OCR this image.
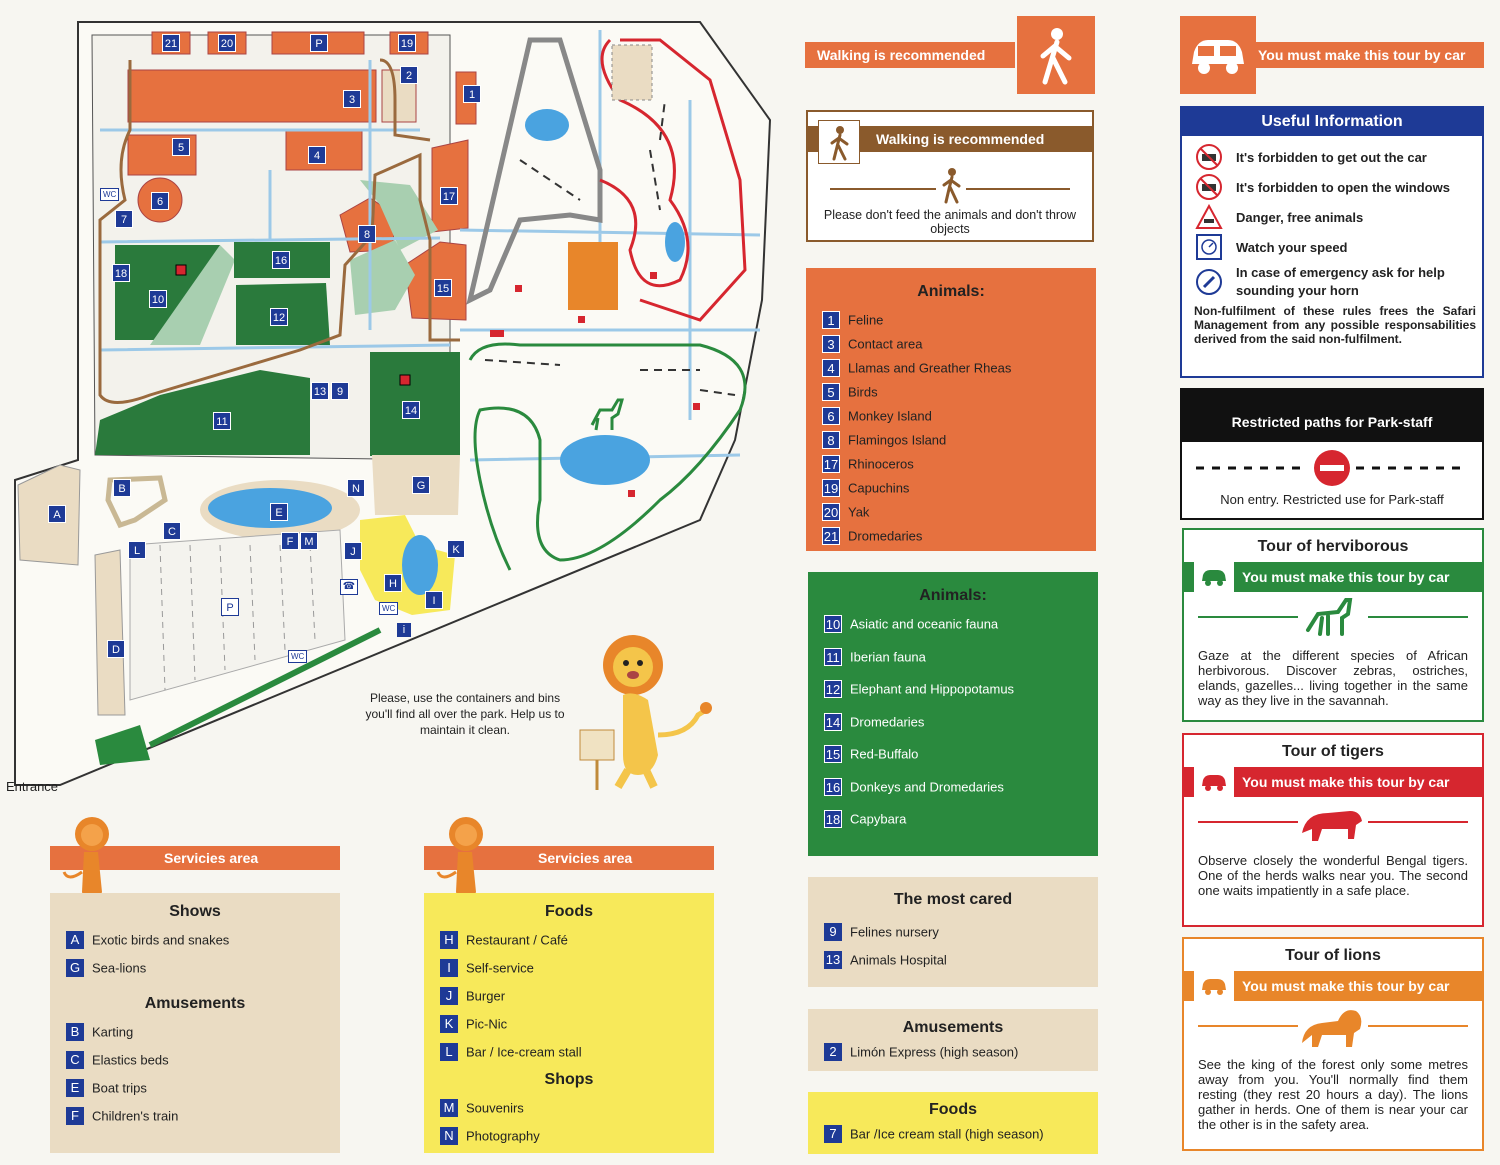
21	20	P	19
2
1
3
5
4
6
7
17
8
16
18
10
12
15
13 9
11
14
A
B
E
G
N
C
F	M
L	J	K
P
H
I
D
WC
WC
WC
☎
i
Entrance
Please, use the containers and bins you'll find all over the park. Help us to maintain it clean.
Walking is recommended
Walking is recommended
Please don't feed the animals and don't throw objects
Animals:
1 Feline
3 Contact area
4 Llamas and Greather Rheas
5 Birds
6 Monkey Island
8 Flamingos Island
17 Rhinoceros
19 Capuchins
20 Yak
21 Dromedaries
Animals:
10 Asiatic and oceanic fauna
11 Iberian fauna
12 Elephant and Hippopotamus
14 Dromedaries
15 Red-Buffalo
16 Donkeys and Dromedaries
18 Capybara
The most cared
9 Felines nursery
13 Animals Hospital
Amusements
2 Limón Express (high season)
Foods
7 Bar /Ice cream stall (high season)
You must make this tour by car
Useful Information
It's forbidden to get out the car
It's forbidden to open the windows
Danger, free animals
Watch your speed
In case of emergency ask for help sounding your horn
Non-fulfilment of these rules frees the Safari Management from any possible responsabilities derived from the said non-fulfilment.
Restricted paths for Park-staff
Non entry. Restricted use for Park-staff
Tour of herviborous
You must make this tour by car

Gaze at the different species of African herbivorous. Discover zebras, ostriches, elands, gazelles... living together in the same way as they live in the savannah.

Tour of tigers
You must make this tour by car

Observe closely the wonderful Bengal tigers. One of the herds walks near you. The second one waits impatiently in a safe place.

Tour of lions
You must make this tour by car

See the king of the forest only some metres away from you. You'll normally find them resting (they rest 20 hours a day). The lions gather in herds. One of them is near your car the other is in the safety area.

Servicies area
Shows
A Exotic birds and snakes
G Sea-lions
Amusements
B Karting
C Elastics beds
E Boat trips
F Children's train
Servicies area
Foods
H Restaurant / Café
I Self-service
J Burger
K Pic-Nic
L Bar / Ice-cream stall
Shops
M Souvenirs
N Photography
